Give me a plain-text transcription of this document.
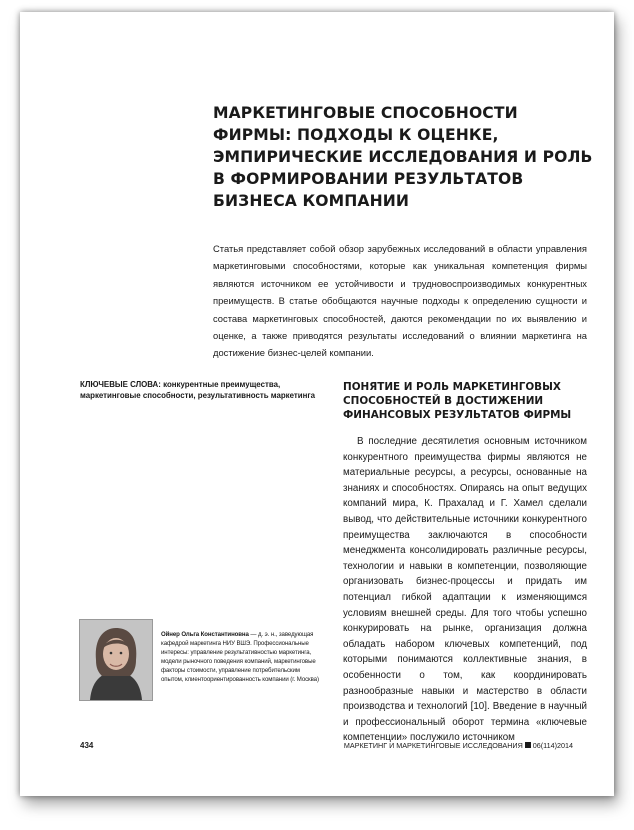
МАРКЕТИНГОВЫЕ СПОСОБНОСТИ ФИРМЫ: ПОДХОДЫ К ОЦЕНКЕ, ЭМПИРИЧЕСКИЕ ИССЛЕДОВАНИЯ И РОЛЬ В ФОРМИРОВАНИИ РЕЗУЛЬТАТОВ БИЗНЕСА КОМПАНИИ

Статья представляет собой обзор зарубежных исследований в области управления маркетинговыми способностями, которые как уникальная компетенция фирмы являются источником ее устойчивости и трудновоспроизводимых конкурентных преимуществ. В статье обобщаются научные подходы к определению сущности и состава маркетинговых способностей, даются рекомендации по их выявлению и оценке, а также приводятся результаты исследований о влиянии маркетинга на достижение бизнес-целей компании.

КЛЮЧЕВЫЕ СЛОВА: конкурентные преимущества, маркетинговые способности, результативность маркетинга
ПОНЯТИЕ И РОЛЬ МАРКЕТИНГОВЫХ СПОСОБНОСТЕЙ В ДОСТИЖЕНИИ ФИНАНСОВЫХ РЕЗУЛЬТАТОВ ФИРМЫ

В последние десятилетия основным источником конкурентного преимущества фирмы являются не материальные ресурсы, а ресурсы, основанные на знаниях и способностях. Опираясь на опыт ведущих компаний мира, К. Прахалад и Г. Хамел сделали вывод, что действительные источники конкурентного преимущества заключаются в способности менеджмента консолидировать различные ресурсы, технологии и навыки в компетенции, позволяющие организовать бизнес-процессы и придать им потенциал гибкой адаптации к изменяющимся условиям внешней среды. Для того чтобы успешно конкурировать на рынке, организация должна обладать набором ключевых компетенций, под которыми понимаются коллективные знания, в особенности о том, как координировать разнообразные навыки и мастерство в области производства и технологий [10]. Введение в научный и профессиональный оборот термина «ключевые компетенции» послужило источником

Ойнер Ольга Константиновна — д. э. н., заведующая кафедрой маркетинга НИУ ВШЭ. Профессиональные интересы: управление результативностью маркетинга, модели рыночного поведения компаний, маркетинговые факторы стоимости, управление потребительским опытом, клиентоориентированность компании (г. Москва)

434	МАРКЕТИНГ И МАРКЕТИНГОВЫЕ ИССЛЕДОВАНИЯ 06(114)2014
